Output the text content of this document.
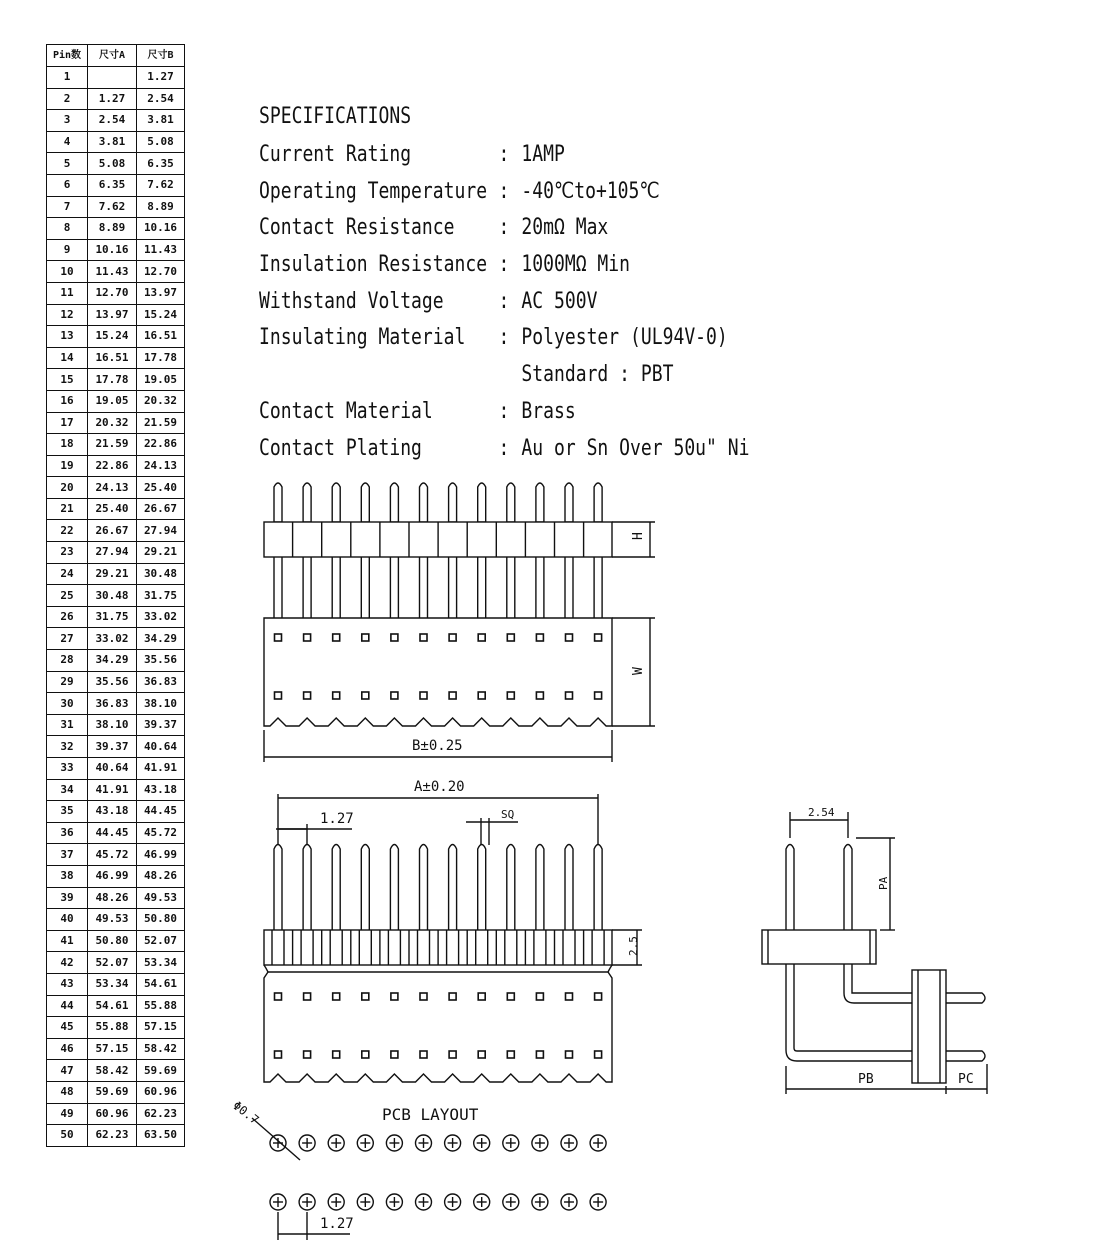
Pin数	尺寸A	尺寸B
1		1.27
2	1.27	2.54
3	2.54	3.81
4	3.81	5.08
5	5.08	6.35
6	6.35	7.62
7	7.62	8.89
8	8.89	10.16
9	10.16	11.43
10	11.43	12.70
11	12.70	13.97
12	13.97	15.24
13	15.24	16.51
14	16.51	17.78
15	17.78	19.05
16	19.05	20.32
17	20.32	21.59
18	21.59	22.86
19	22.86	24.13
20	24.13	25.40
21	25.40	26.67
22	26.67	27.94
23	27.94	29.21
24	29.21	30.48
25	30.48	31.75
26	31.75	33.02
27	33.02	34.29
28	34.29	35.56
29	35.56	36.83
30	36.83	38.10
31	38.10	39.37
32	39.37	40.64
33	40.64	41.91
34	41.91	43.18
35	43.18	44.45
36	44.45	45.72
37	45.72	46.99
38	46.99	48.26
39	48.26	49.53
40	49.53	50.80
41	50.80	52.07
42	52.07	53.34
43	53.34	54.61
44	54.61	55.88
45	55.88	57.15
46	57.15	58.42
47	58.42	59.69
48	59.69	60.96
49	60.96	62.23
50	62.23	63.50
SPECIFICATIONS
Current Rating	: 1AMP
Operating Temperature : -40℃to+105℃
Contact Resistance	: 20mΩ Max
Insulation Resistance : 1000MΩ Min
Withstand Voltage	: AC 500V
Insulating Material	: Polyester (UL94V-0)
Standard : PBT
Contact Material	: Brass
Contact Plating	: Au or Sn Over 50u" Ni
H
W
B±0.25
A±0.20
1.27	SQ
2.5
2.54
PA
PB	PC
PCB LAYOUT
Φ0.7
1.27
